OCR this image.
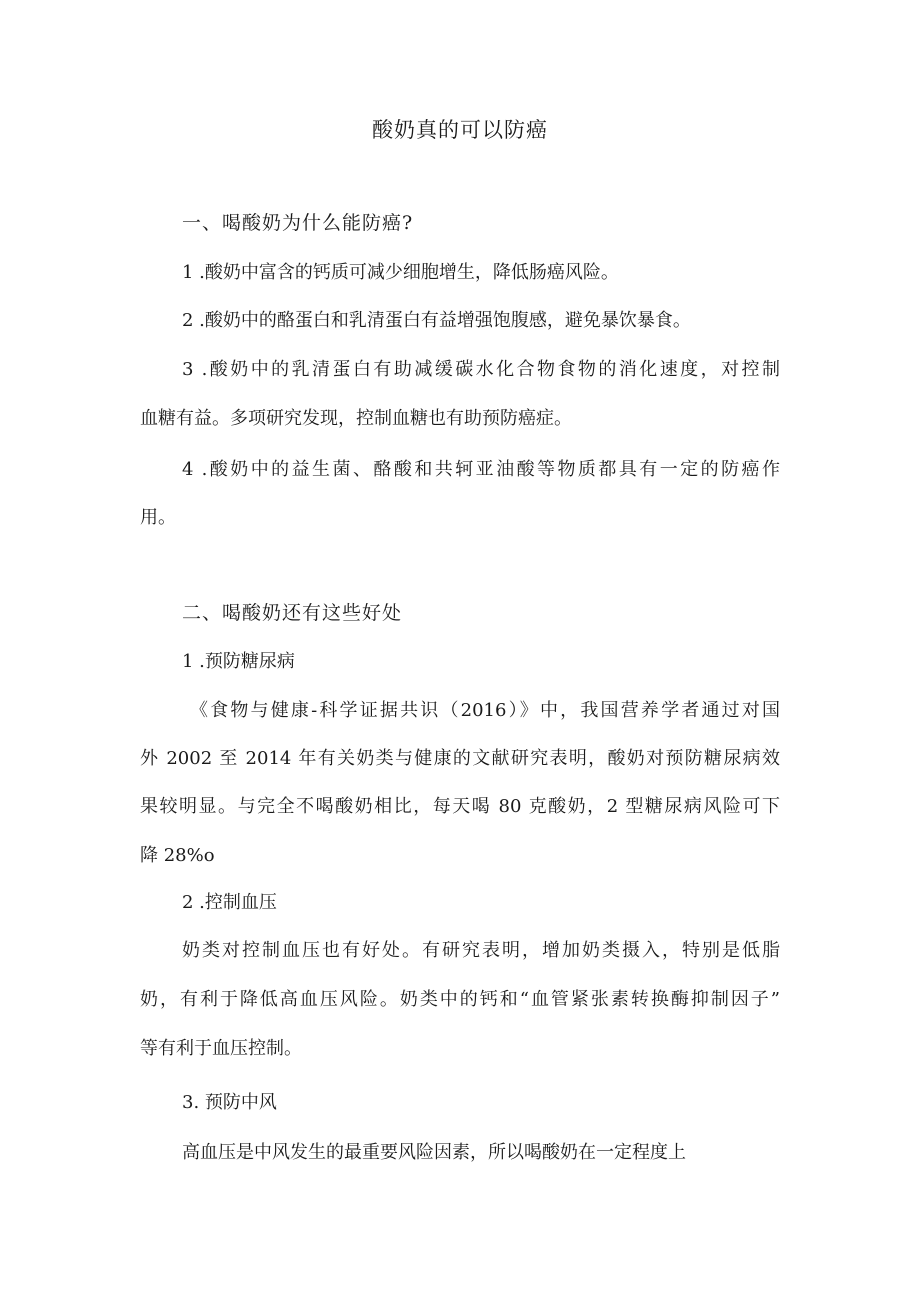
酸奶真的可以防癌
一、喝酸奶为什么能防癌?

1 .酸奶中富含的钙质可减少细胞增生，降低肠癌风险。

2 .酸奶中的酪蛋白和乳清蛋白有益增强饱腹感，避免暴饮暴食。

3 .酸奶中的乳清蛋白有助减缓碳水化合物食物的消化速度，对控制

血糖有益。多项研究发现，控制血糖也有助预防癌症。

4 .酸奶中的益生菌、酪酸和共轲亚油酸等物质都具有一定的防癌作

用。

二、喝酸奶还有这些好处

1 .预防糖尿病

《食物与健康-科学证据共识（2016）》中，我国营养学者通过对国

外 2002 至 2014 年有关奶类与健康的文献研究表明，酸奶对预防糖尿病效

果较明显。与完全不喝酸奶相比，每天喝 80 克酸奶，2 型糖尿病风险可下

降 28%o

2 .控制血压

奶类对控制血压也有好处。有研究表明，增加奶类摄入，特别是低脂

奶，有利于降低高血压风险。奶类中的钙和“血管紧张素转换酶抑制因子”

等有利于血压控制。

3. 预防中风

高血压是中风发生的最重要风险因素，所以喝酸奶在一定程度上
